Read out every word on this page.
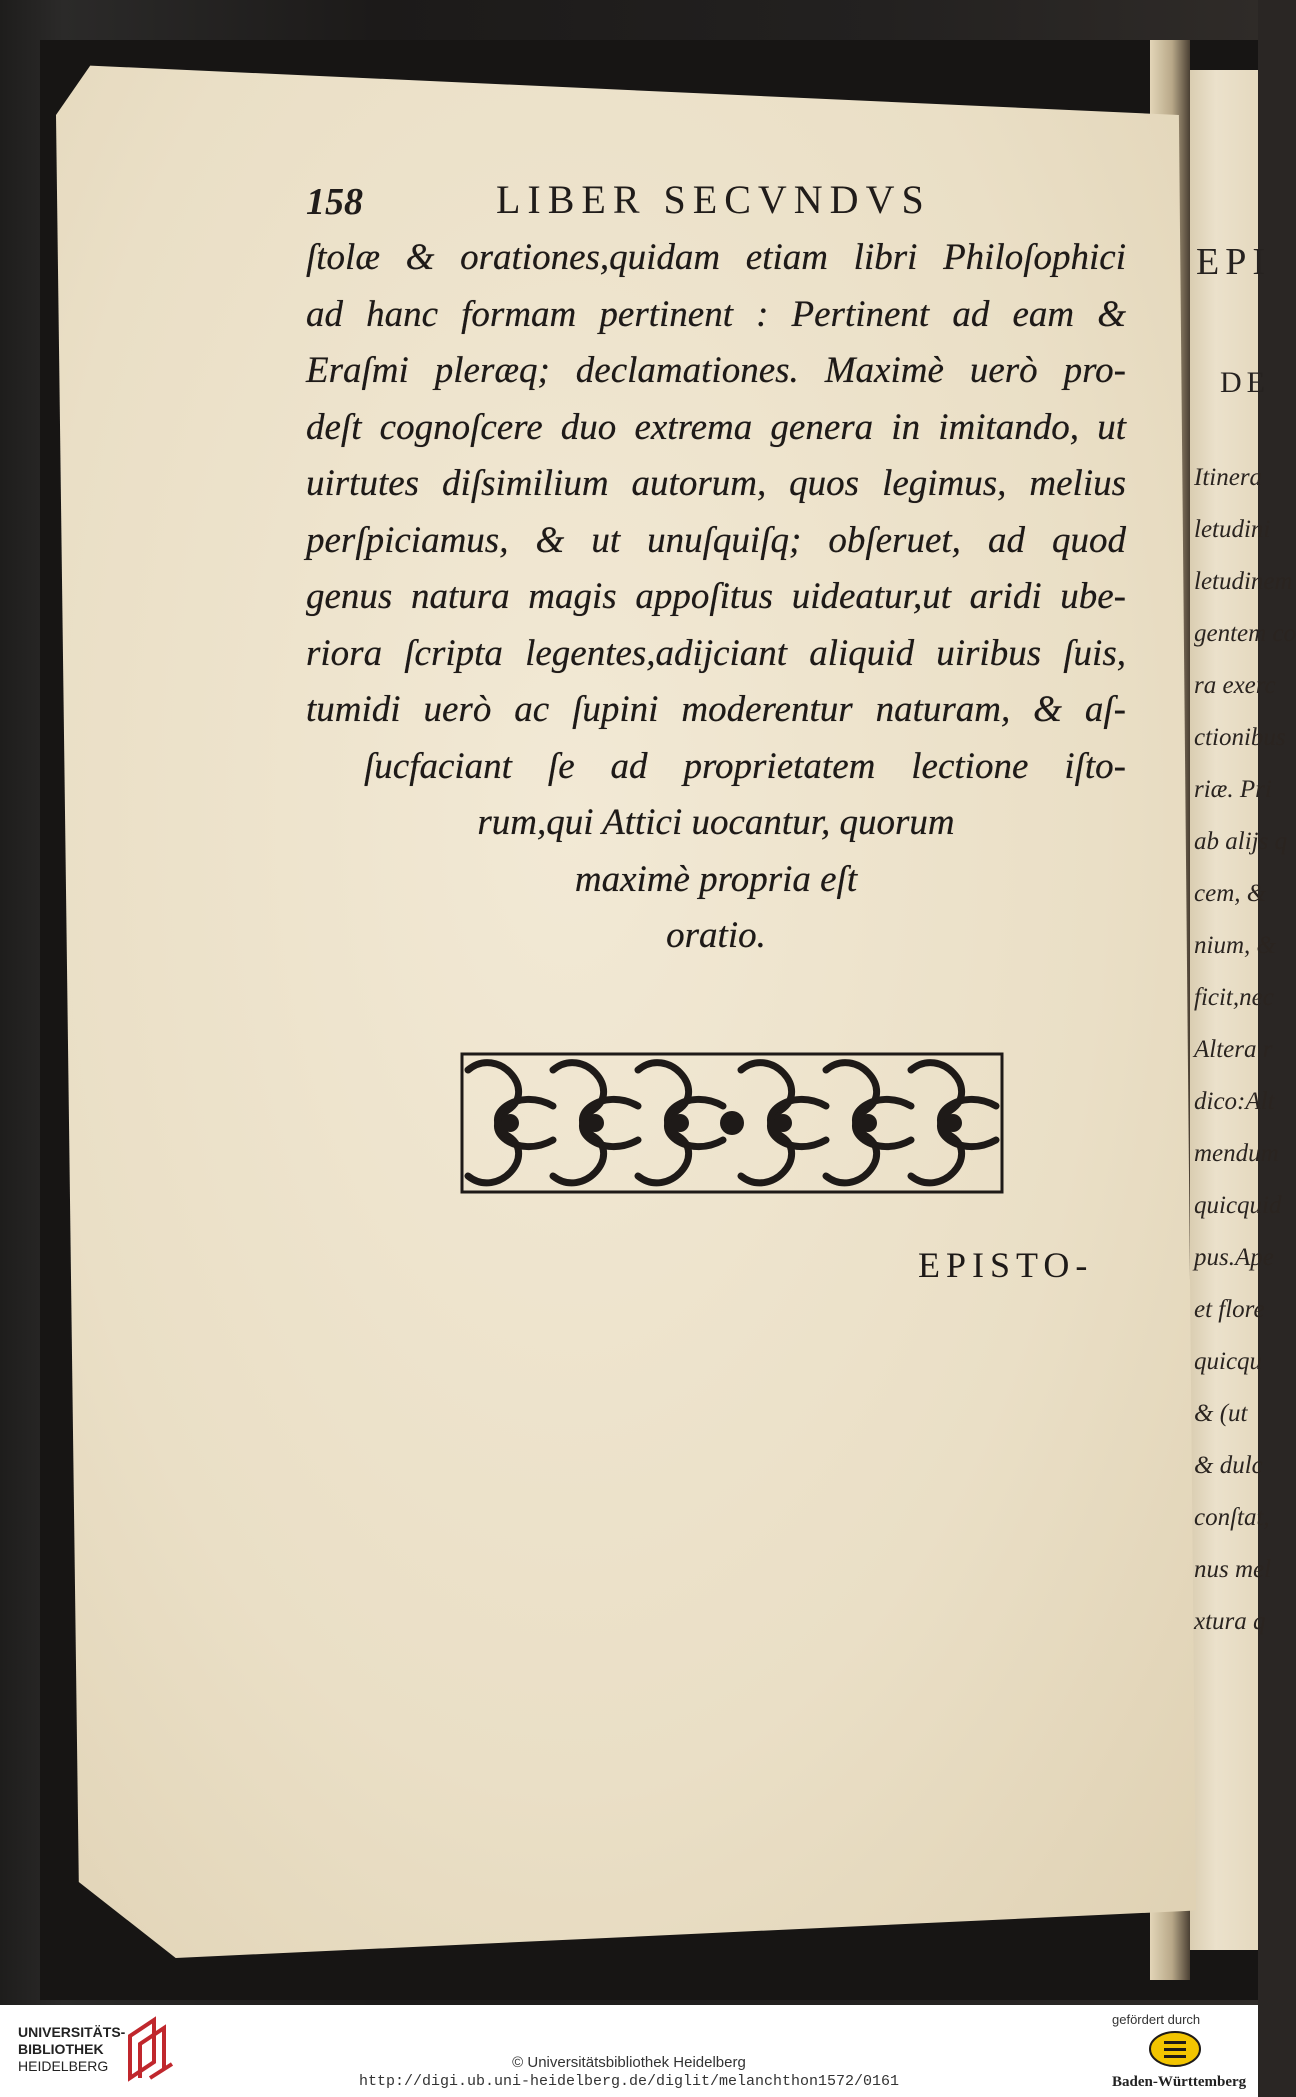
EPI
DE
Itinera
letudini
letudinem
gentem co
ra exerc
ctionibus
riæ. Pri
ab alijs q
cem, &
nium, &
ficit,nec
Altera r
dico:Alt
mendum
quicquid
pus.Ape
et flore
quicqu
& (ut
& dulc
conſtat,
nus mel
xtura q
158	LIBER SECVNDVS
ſtolæ & orationes,quidam etiam libri Philoſophici
ad hanc formam pertinent : Pertinent ad eam &
Eraſmi pleræq; declamationes. Maximè uerò pro-
deſt cognoſcere duo extrema genera in imitando, ut
uirtutes diſsimilium autorum, quos legimus, melius
perſpiciamus, & ut unuſquiſq; obſeruet, ad quod
genus natura magis appoſitus uideatur,ut aridi ube-
riora ſcripta legentes,adijciant aliquid uiribus ſuis,
tumidi uerò ac ſupini moderentur naturam, & aſ-
ſucfaciant ſe ad proprietatem lectione iſto-
rum,qui Attici uocantur, quorum
maximè propria eſt
oratio.
EPISTO-
UNIVERSITÄTS-
BIBLIOTHEK
HEIDELBERG	© Universitätsbibliothek Heidelberg
http://digi.ub.uni-heidelberg.de/diglit/melanchthon1572/0161
gefördert durch
Baden-Württemberg
